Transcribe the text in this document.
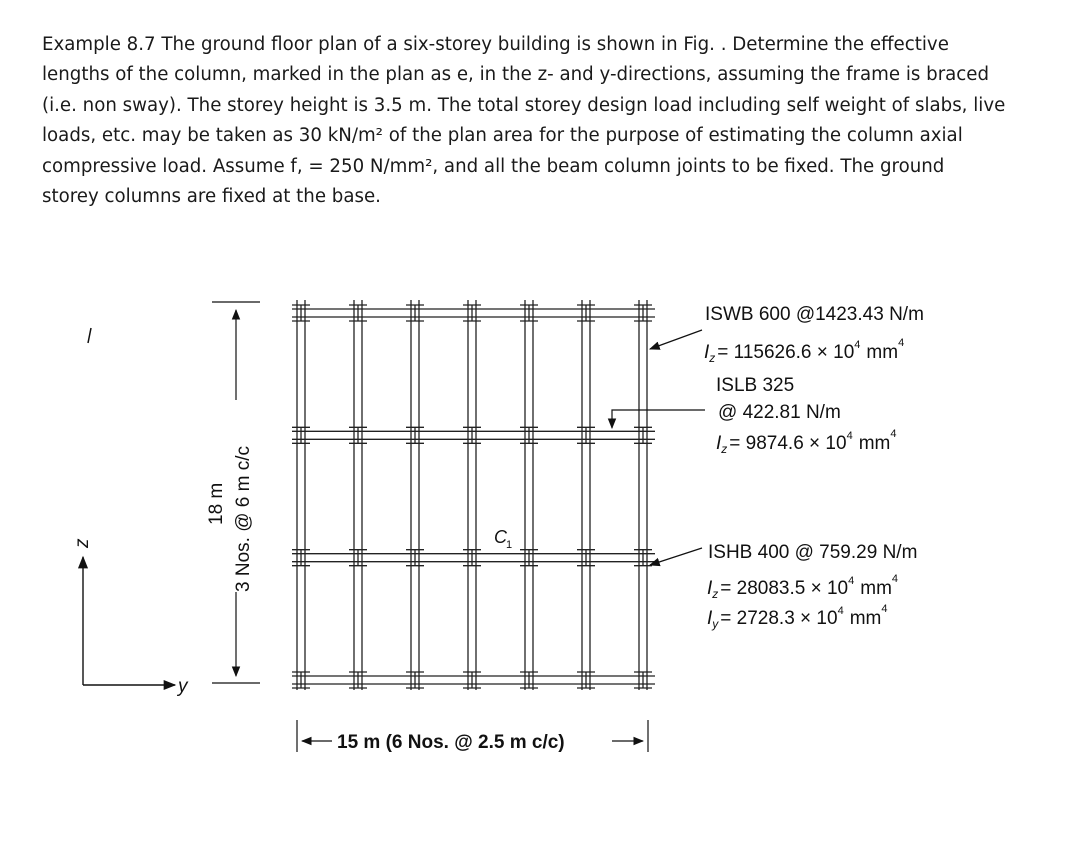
Example 8.7 The ground floor plan of a six-storey building is shown in Fig. . Determine the effective
lengths of the column, marked in the plan as e, in the z- and y-directions, assuming the frame is braced
(i.e. non sway). The storey height is 3.5 m. The total storey design load including self weight of slabs, live
loads, etc. may be taken as 30 kN/m² of the plan area for the purpose of estimating the column axial
compressive load. Assume f, = 250 N/mm², and all the beam column joints to be fixed. The ground
storey columns are fixed at the base.
z
y
18 m 3 Nos. @ 6 m c/c
15 m (6 Nos. @ 2.5 m c/c)
C 1
ISWB 600 @1423.43 N/m
$I_z = 115626.6 \times 10^4$ $mm^4$
ISLB 325
@ 422.81 N/m
$I_z = 9874.6 \times 10^4$ $mm^4$
ISHB 400 @ 759.29 N/m
$I_z = 28083.5 \times 10^4$ $mm^4$
$I_y = 2728.3 \times 10^4$ $mm^4$
